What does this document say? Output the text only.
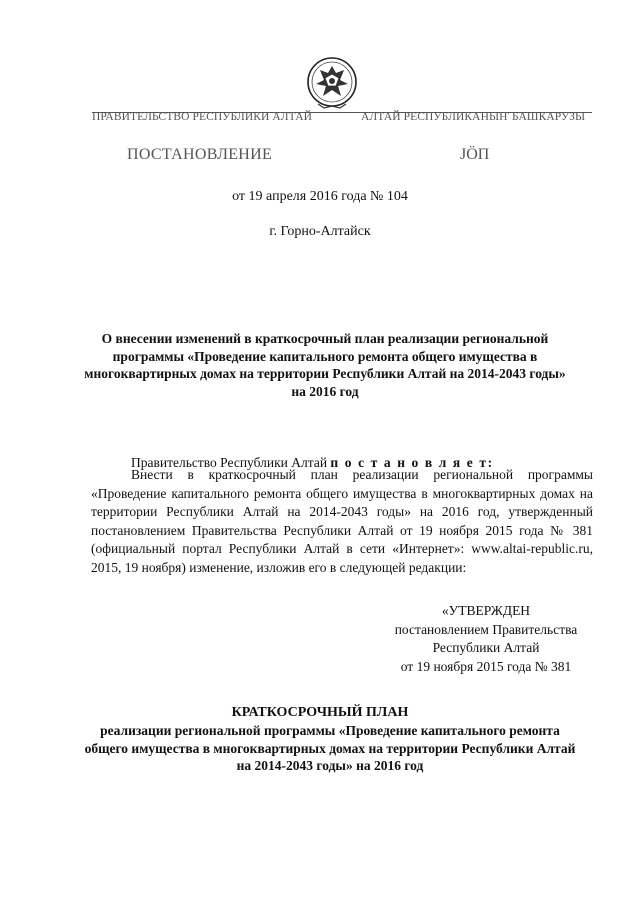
ПРАВИТЕЛЬСТВО РЕСПУБЛИКИ АЛТАЙ	АЛТАЙ РЕСПУБЛИКАНЫҤ БАШКАРУЗЫ
ПОСТАНОВЛЕНИЕ	JӦП
от 19 апреля 2016 года № 104
г. Горно-Алтайск
О внесении изменений в краткосрочный план реализации региональной программы «Проведение капитального ремонта общего имущества в многоквартирных домах на территории Республики Алтай на 2014-2043 годы» на 2016 год
Правительство Республики Алтай п о с т а н о в л я е т:
Внести в краткосрочный план реализации региональной программы «Проведение капитального ремонта общего имущества в многоквартирных домах на территории Республики Алтай на 2014-2043 годы» на 2016 год, утвержденный постановлением Правительства Республики Алтай от 19 ноября 2015 года № 381 (официальный портал Республики Алтай в сети «Интернет»: www.altai-republic.ru, 2015, 19 ноября) изменение, изложив его в следующей редакции:
«УТВЕРЖДЕН
постановлением Правительства
Республики Алтай
от 19 ноября 2015 года № 381
КРАТКОСРОЧНЫЙ ПЛАН
реализации региональной программы «Проведение капитального ремонта общего имущества в многоквартирных домах на территории Республики Алтай на 2014-2043 годы» на 2016 год
